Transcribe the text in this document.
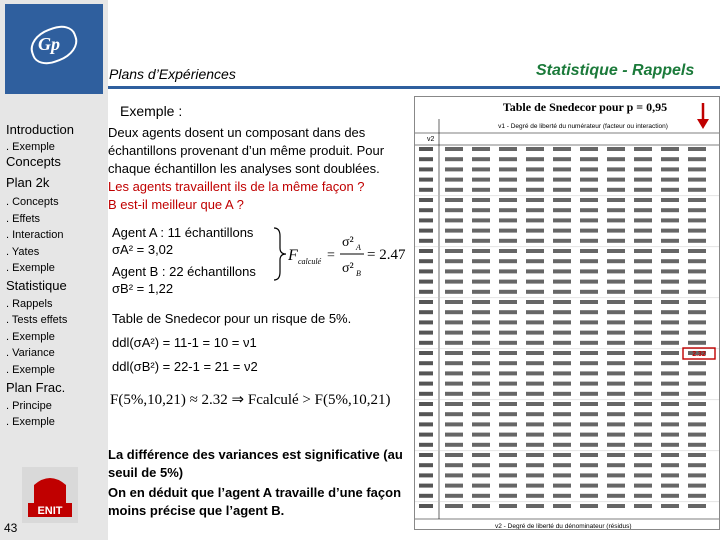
Gp
Introduction
. Exemple
Concepts
Plan 2k
. Concepts
. Effets
. Interaction
. Yates
. Exemple
Statistique
. Rappels
. Tests effets
. Exemple
. Variance
. Exemple
Plan Frac.
. Principe
. Exemple
ENIT
43
Plans d’Expériences	Statistique - Rappels
Exemple :
Deux agents dosent un composant dans des échantillons provenant d’un même produit. Pour chaque échantillon les analyses sont doublées.
Les agents travaillent ils de la même façon ?
B est-il meilleur que A ?
Agent A : 11 échantillons
σA² = 3,02
Agent B : 22 échantillons
σB² = 1,22
F calculé =
σ² A
σ² B
= 2.47
Table de Snedecor pour un risque de 5%.
ddl(σA²) = 11-1 = 10 = ν1
ddl(σB²) = 22-1 = 21 = ν2
F(5%,10,21) ≈ 2.32 ⇒ Fcalculé > F(5%,10,21)
La différence des variances est significative (au seuil de 5%)
On en déduit que l’agent A travaille d’une façon moins précise que l’agent B.
Table de Snedecor pour p = 0,95
v1 - Degré de liberté du numérateur (facteur ou interaction)
v2
v2 - Degré de liberté du dénominateur (résidus)
2.32
